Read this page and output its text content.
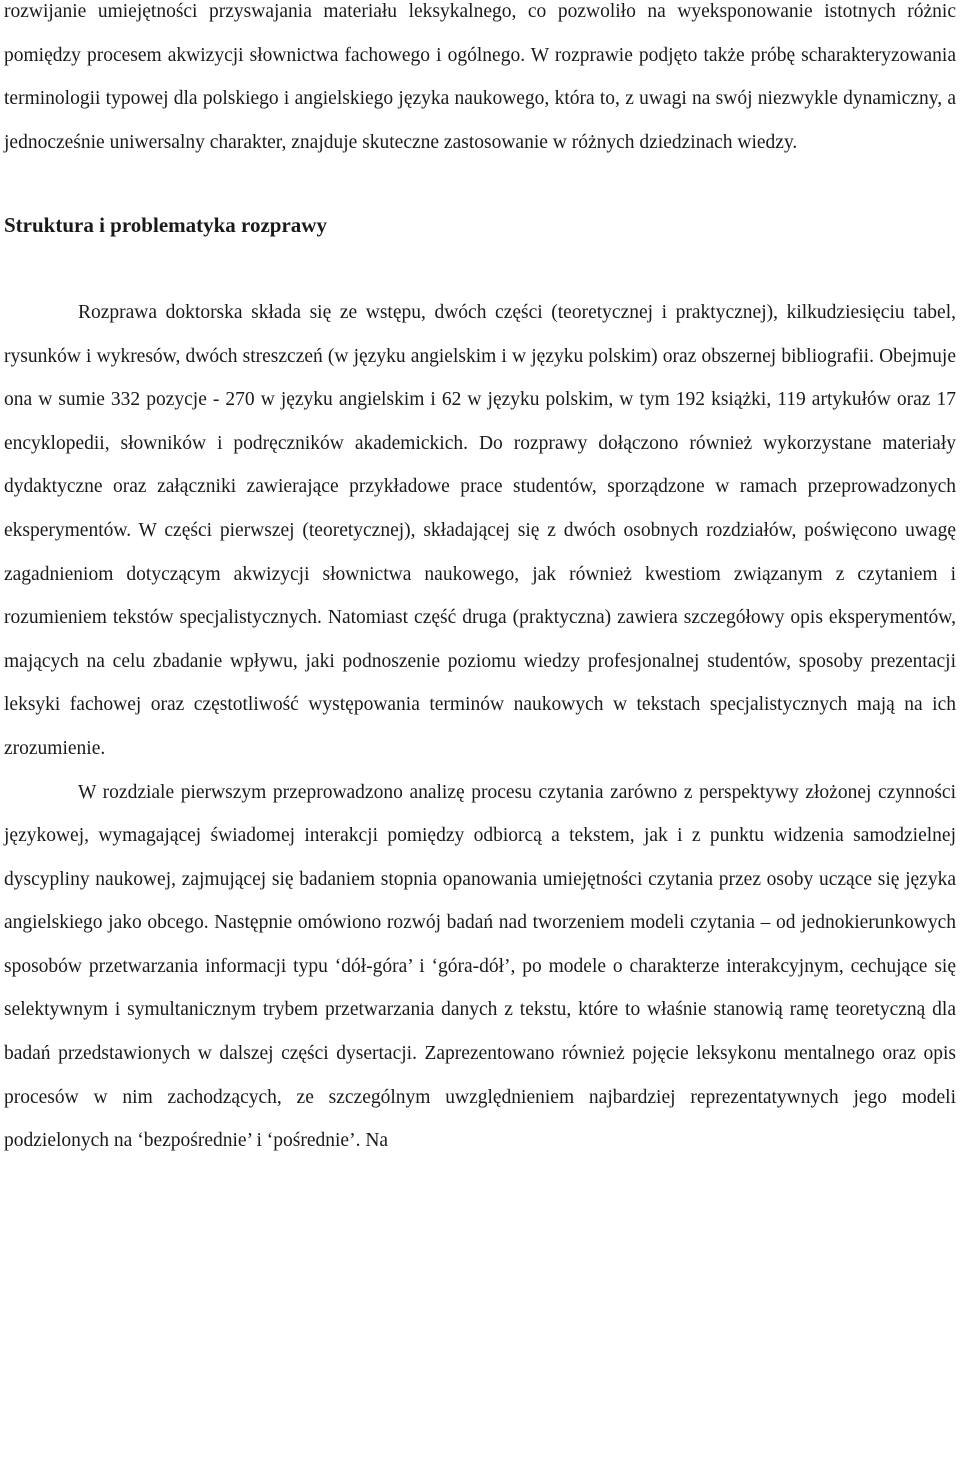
rozwijanie umiejętności przyswajania materiału leksykalnego, co pozwoliło na wyeksponowanie istotnych różnic pomiędzy procesem akwizycji słownictwa fachowego i ogólnego. W rozprawie podjęto także próbę scharakteryzowania terminologii typowej dla polskiego i angielskiego języka naukowego, która to, z uwagi na swój niezwykle dynamiczny, a jednocześnie uniwersalny charakter, znajduje skuteczne zastosowanie w różnych dziedzinach wiedzy.

Struktura i problematyka rozprawy

Rozprawa doktorska składa się ze wstępu, dwóch części (teoretycznej i praktycznej), kilkudziesięciu tabel, rysunków i wykresów, dwóch streszczeń (w języku angielskim i w języku polskim) oraz obszernej bibliografii. Obejmuje ona w sumie 332 pozycje - 270 w języku angielskim i 62 w języku polskim, w tym 192 książki, 119 artykułów oraz 17 encyklopedii, słowników i podręczników akademickich. Do rozprawy dołączono również wykorzystane materiały dydaktyczne oraz załączniki zawierające przykładowe prace studentów, sporządzone w ramach przeprowadzonych eksperymentów. W części pierwszej (teoretycznej), składającej się z dwóch osobnych rozdziałów, poświęcono uwagę zagadnieniom dotyczącym akwizycji słownictwa naukowego, jak również kwestiom związanym z czytaniem i rozumieniem tekstów specjalistycznych. Natomiast część druga (praktyczna) zawiera szczegółowy opis eksperymentów, mających na celu zbadanie wpływu, jaki podnoszenie poziomu wiedzy profesjonalnej studentów, sposoby prezentacji leksyki fachowej oraz częstotliwość występowania terminów naukowych w tekstach specjalistycznych mają na ich zrozumienie.

W rozdziale pierwszym przeprowadzono analizę procesu czytania zarówno z perspektywy złożonej czynności językowej, wymagającej świadomej interakcji pomiędzy odbiorcą a tekstem, jak i z punktu widzenia samodzielnej dyscypliny naukowej, zajmującej się badaniem stopnia opanowania umiejętności czytania przez osoby uczące się języka angielskiego jako obcego. Następnie omówiono rozwój badań nad tworzeniem modeli czytania – od jednokierunkowych sposobów przetwarzania informacji typu ‘dół-góra’ i ‘góra-dół’, po modele o charakterze interakcyjnym, cechujące się selektywnym i symultanicznym trybem przetwarzania danych z tekstu, które to właśnie stanowią ramę teoretyczną dla badań przedstawionych w dalszej części dysertacji. Zaprezentowano również pojęcie leksykonu mentalnego oraz opis procesów w nim zachodzących, ze szczególnym uwzględnieniem najbardziej reprezentatywnych jego modeli podzielonych na ‘bezpośrednie’ i ‘pośrednie’. Na
